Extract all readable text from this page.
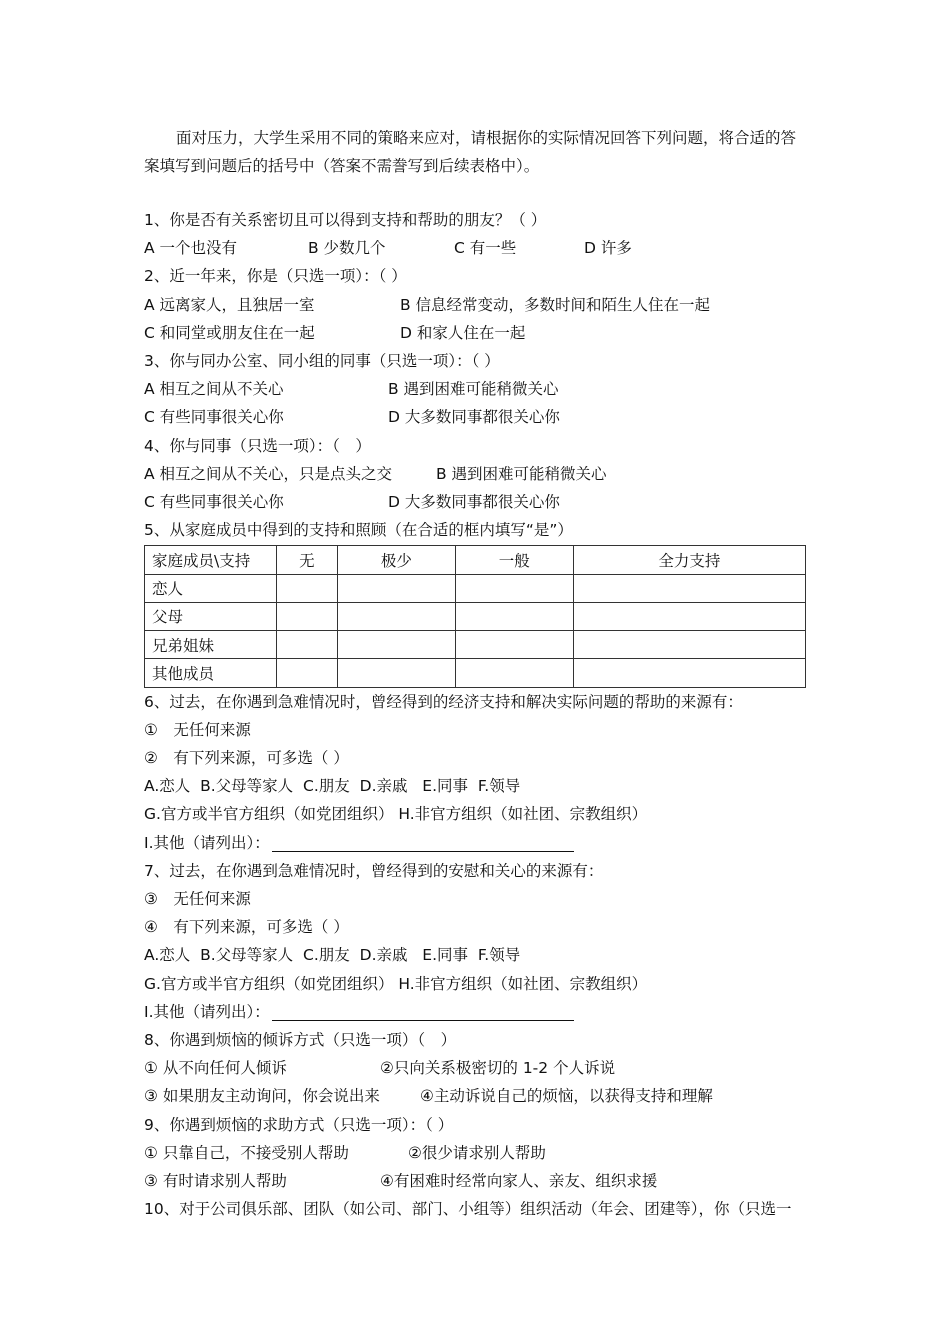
面对压力，大学生采用不同的策略来应对，请根据你的实际情况回答下列问题，将合适的答案填写到问题后的括号中（答案不需誊写到后续表格中）。
1、你是否有关系密切且可以得到支持和帮助的朋友？（ ）
A 一个也没有	B 少数几个	C 有一些	D 许多
2、近一年来，你是（只选一项）：（ ）
A 远离家人，且独居一室	B 信息经常变动，多数时间和陌生人住在一起
C 和同堂或朋友住在一起	D 和家人住在一起
3、你与同办公室、同小组的同事（只选一项）：（ ）
A 相互之间从不关心	B 遇到困难可能稍微关心
C 有些同事很关心你	D 大多数同事都很关心你
4、你与同事（只选一项）：（　）
A 相互之间从不关心，只是点头之交	B 遇到困难可能稍微关心
C 有些同事很关心你	D 大多数同事都很关心你
5、从家庭成员中得到的支持和照顾（在合适的框内填写“是”）
家庭成员\支持	无	极少	一般	全力支持
恋人				
父母				
兄弟姐妹				
其他成员				
6、过去，在你遇到急难情况时，曾经得到的经济支持和解决实际问题的帮助的来源有：
①　无任何来源
②　有下列来源，可多选（ ）
A.恋人  B.父母等家人  C.朋友  D.亲戚   E.同事  F.领导
G.官方或半官方组织（如党团组织） H.非官方组织（如社团、宗教组织）
I.其他（请列出）：
7、过去，在你遇到急难情况时，曾经得到的安慰和关心的来源有：
③　无任何来源
④　有下列来源，可多选（ ）
A.恋人  B.父母等家人  C.朋友  D.亲戚   E.同事  F.领导
G.官方或半官方组织（如党团组织） H.非官方组织（如社团、宗教组织）
I.其他（请列出）：
8、你遇到烦恼的倾诉方式（只选一项）（　）
① 从不向任何人倾诉	②只向关系极密切的 1-2 个人诉说
③ 如果朋友主动询问，你会说出来	④主动诉说自己的烦恼，以获得支持和理解
9、你遇到烦恼的求助方式（只选一项）：（ ）
① 只靠自己，不接受别人帮助	②很少请求别人帮助
③ 有时请求别人帮助	④有困难时经常向家人、亲友、组织求援
10、对于公司俱乐部、团队（如公司、部门、小组等）组织活动（年会、团建等），你（只选一
